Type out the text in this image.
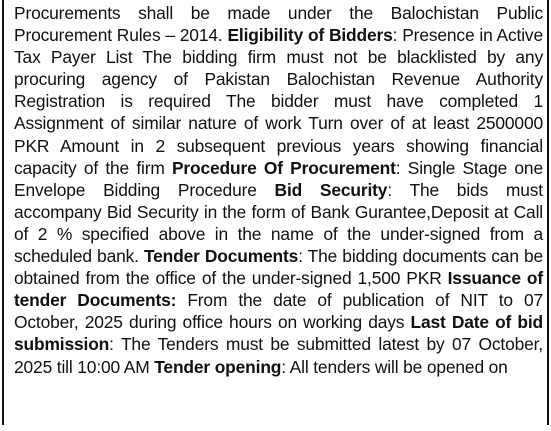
Procurements shall be made under the Balochistan Public Procurement Rules – 2014. Eligibility of Bidders: Presence in Active Tax Payer List The bidding firm must not be blacklisted by any procuring agency of Pakistan Balochistan Revenue Authority Registration is required The bidder must have completed 1 Assignment of similar nature of work Turn over of at least 2500000 PKR Amount in 2 subsequent previous years showing financial capacity of the firm Procedure Of Procurement: Single Stage one Envelope Bidding Procedure Bid Security: The bids must accompany Bid Security in the form of Bank Gurantee,Deposit at Call of 2 % specified above in the name of the under-signed from a scheduled bank. Tender Documents: The bidding documents can be obtained from the office of the under-signed 1,500 PKR Issuance of tender Documents: From the date of publication of NIT to 07 October, 2025 during office hours on working days Last Date of bid submission: The Tenders must be submitted latest by 07 October, 2025 till 10:00 AM Tender opening: All tenders will be opened on
